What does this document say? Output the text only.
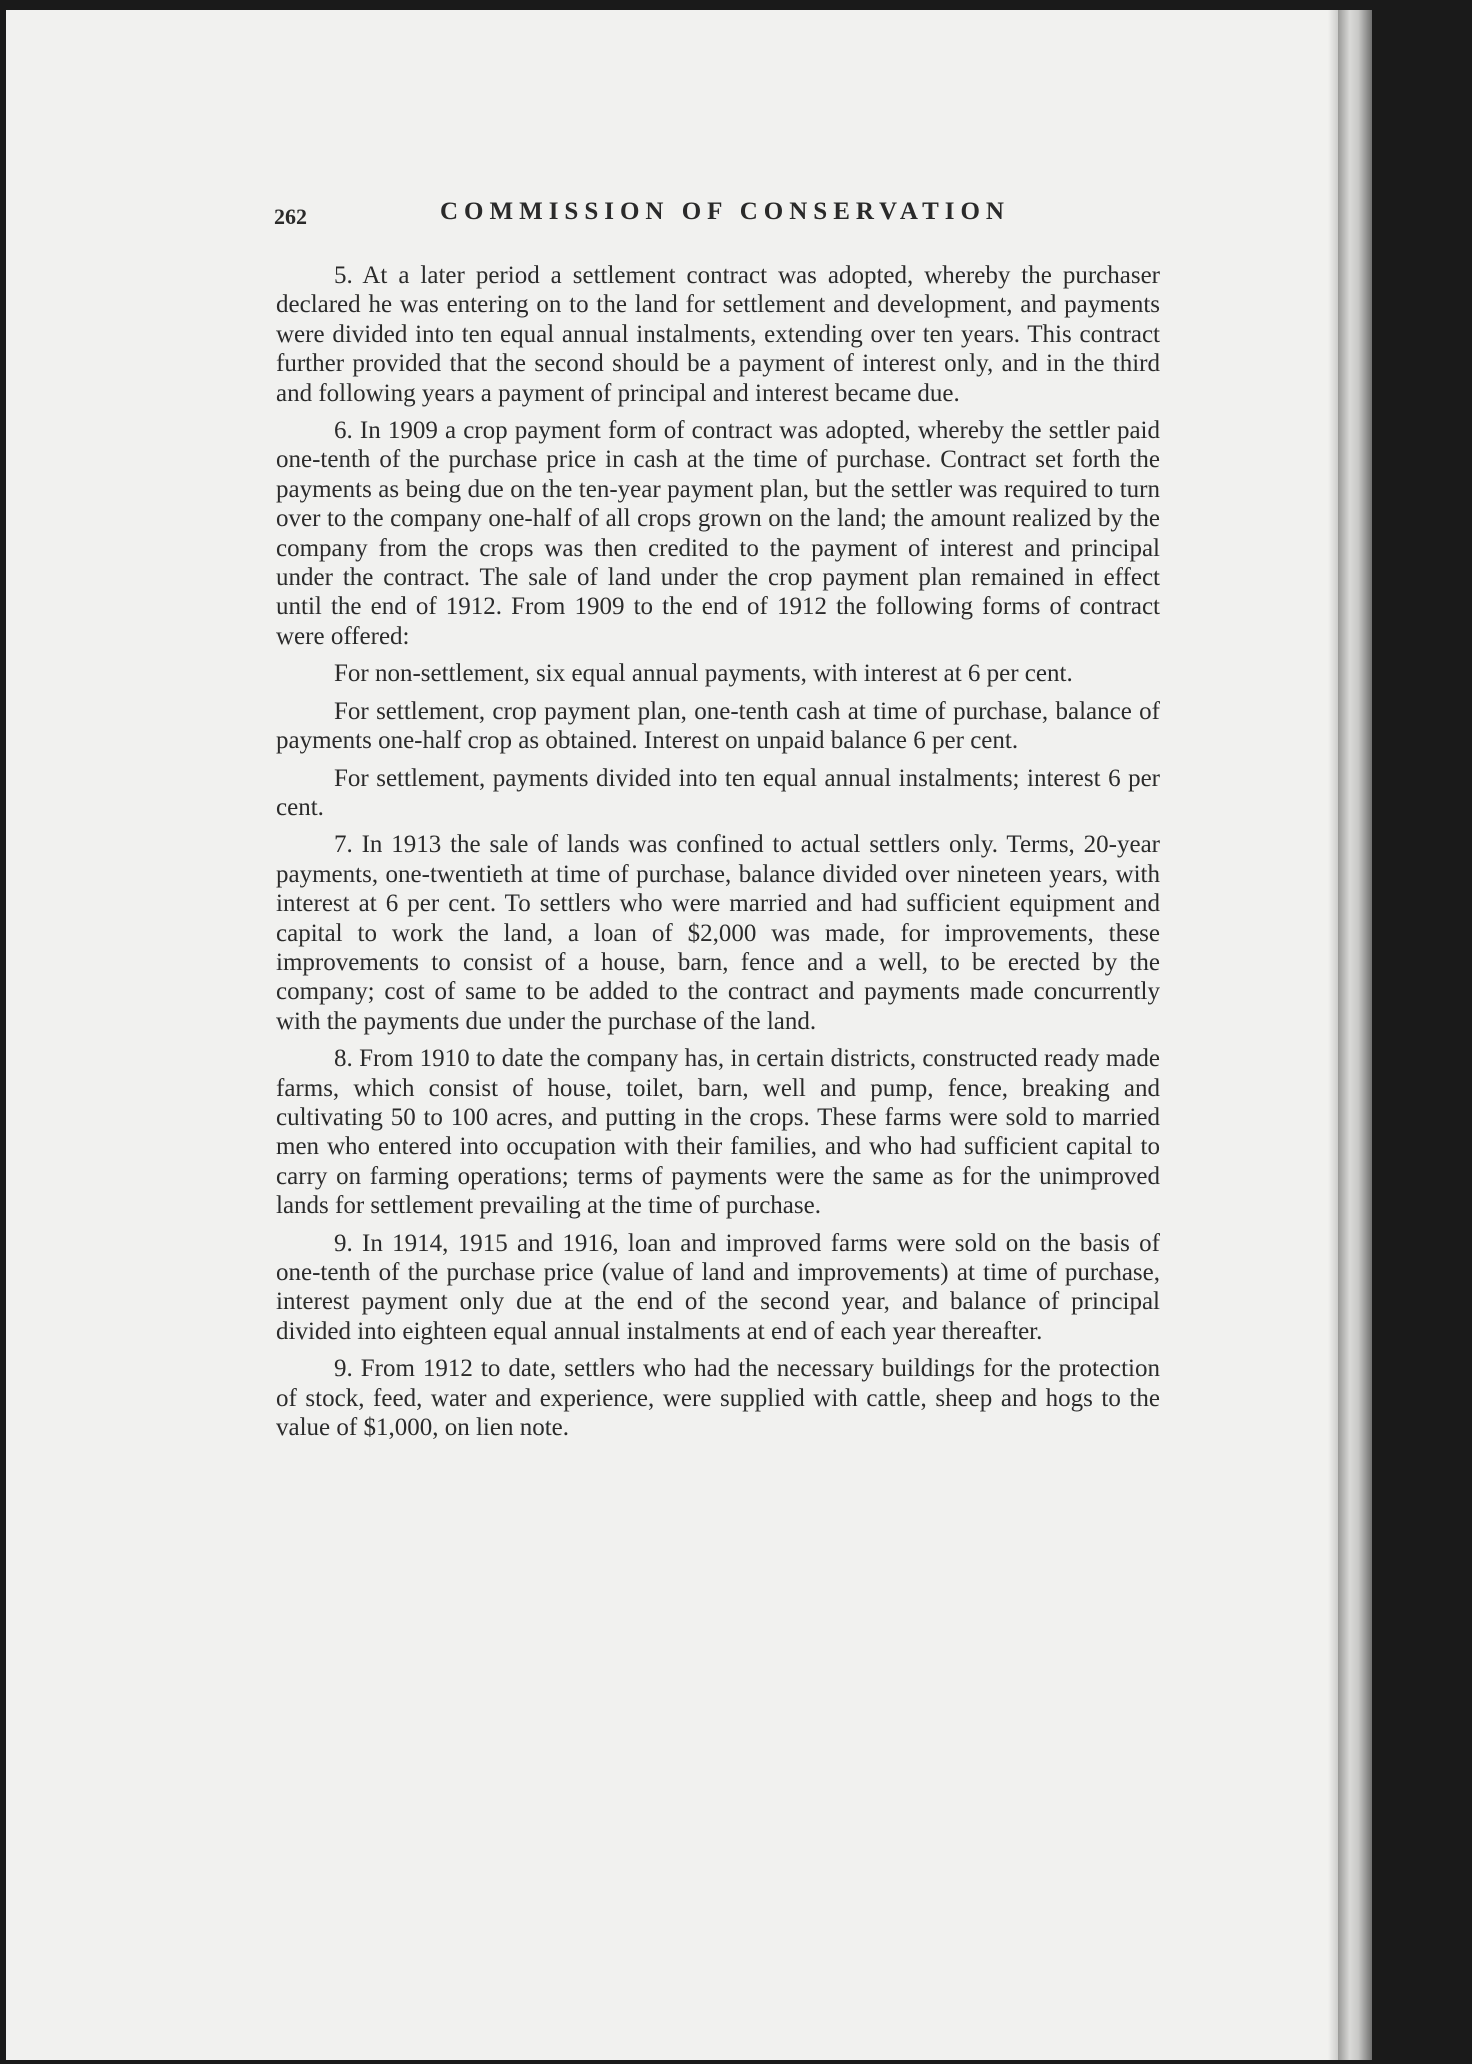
262	COMMISSION OF CONSERVATION

5. At a later period a settlement contract was adopted, whereby the purchaser declared he was entering on to the land for settlement and development, and payments were divided into ten equal annual instalments, extending over ten years. This contract further provided that the second should be a payment of interest only, and in the third and following years a payment of principal and interest became due.

6. In 1909 a crop payment form of contract was adopted, whereby the settler paid one-tenth of the purchase price in cash at the time of purchase. Contract set forth the payments as being due on the ten-year payment plan, but the settler was required to turn over to the company one-half of all crops grown on the land; the amount realized by the company from the crops was then credited to the payment of interest and principal under the contract. The sale of land under the crop payment plan remained in effect until the end of 1912. From 1909 to the end of 1912 the following forms of contract were offered:

For non-settlement, six equal annual payments, with interest at 6 per cent.

For settlement, crop payment plan, one-tenth cash at time of purchase, balance of payments one-half crop as obtained. Interest on unpaid balance 6 per cent.

For settlement, payments divided into ten equal annual instalments; interest 6 per cent.

7. In 1913 the sale of lands was confined to actual settlers only. Terms, 20-year payments, one-twentieth at time of purchase, balance divided over nineteen years, with interest at 6 per cent. To settlers who were married and had sufficient equipment and capital to work the land, a loan of $2,000 was made, for improvements, these improvements to consist of a house, barn, fence and a well, to be erected by the company; cost of same to be added to the contract and payments made concurrently with the payments due under the purchase of the land.

8. From 1910 to date the company has, in certain districts, constructed ready made farms, which consist of house, toilet, barn, well and pump, fence, breaking and cultivating 50 to 100 acres, and putting in the crops. These farms were sold to married men who entered into occupation with their families, and who had sufficient capital to carry on farming operations; terms of payments were the same as for the unimproved lands for settlement prevailing at the time of purchase.

9. In 1914, 1915 and 1916, loan and improved farms were sold on the basis of one-tenth of the purchase price (value of land and improvements) at time of purchase, interest payment only due at the end of the second year, and balance of principal divided into eighteen equal annual instalments at end of each year thereafter.

9. From 1912 to date, settlers who had the necessary buildings for the protection of stock, feed, water and experience, were supplied with cattle, sheep and hogs to the value of $1,000, on lien note.
